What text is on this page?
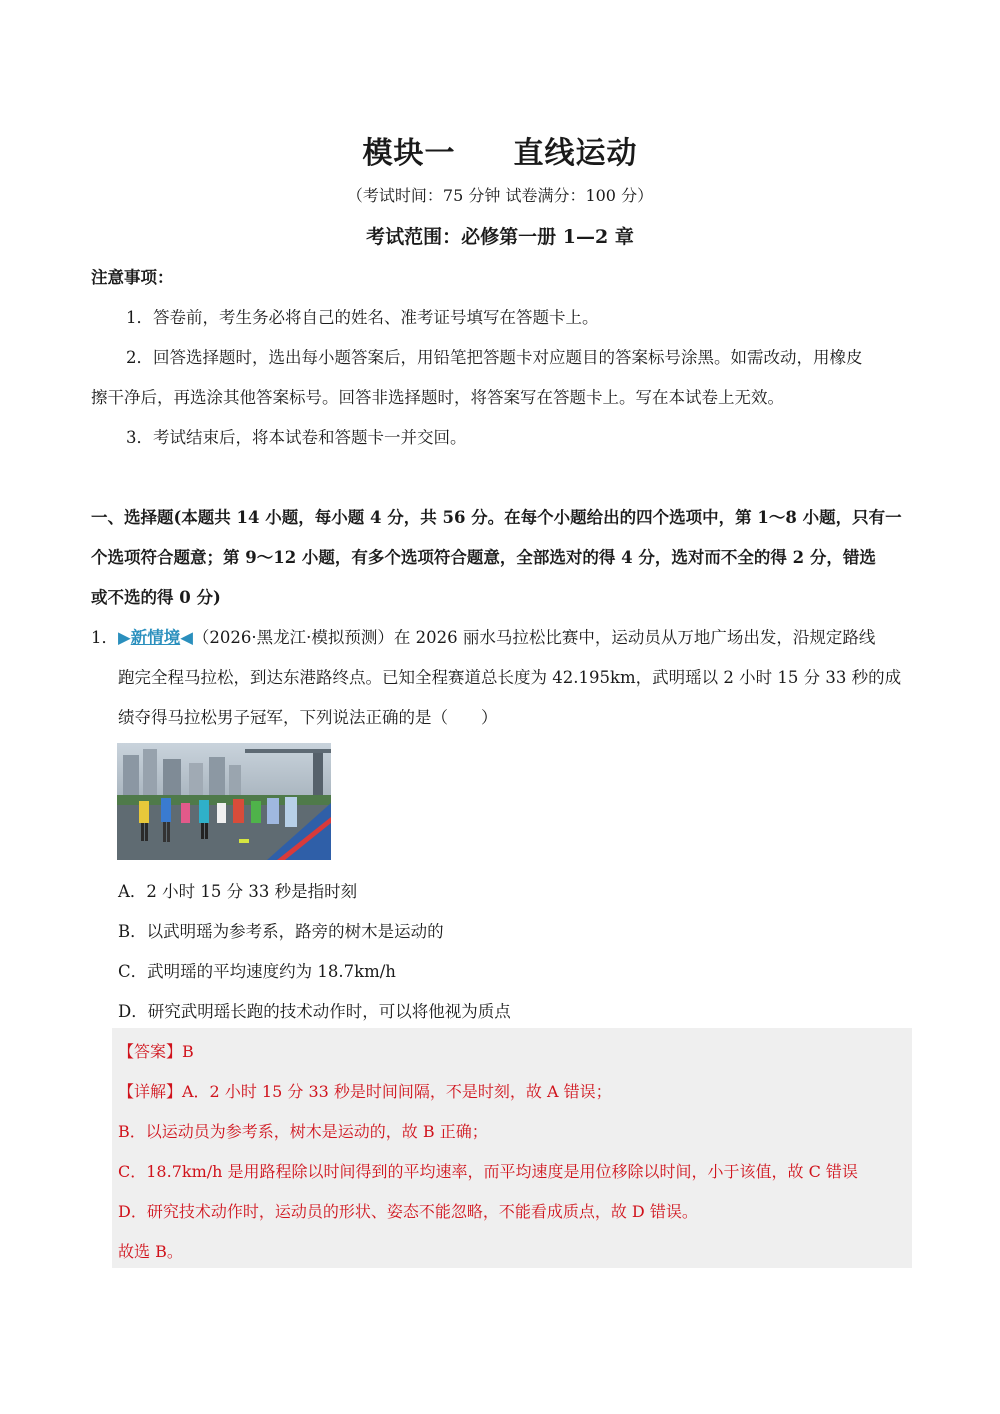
模块一 直线运动
（考试时间：75 分钟 试卷满分：100 分）
考试范围：必修第一册 1—2 章
注意事项：
1．答卷前，考生务必将自己的姓名、准考证号填写在答题卡上。
2．回答选择题时，选出每小题答案后，用铅笔把答题卡对应题目的答案标号涂黑。如需改动，用橡皮
擦干净后，再选涂其他答案标号。回答非选择题时，将答案写在答题卡上。写在本试卷上无效。
3．考试结束后，将本试卷和答题卡一并交回。
一、选择题(本题共 14 小题，每小题 4 分，共 56 分。在每个小题给出的四个选项中，第 1～8 小题，只有一
个选项符合题意；第 9～12 小题，有多个选项符合题意，全部选对的得 4 分，选对而不全的得 2 分，错选
或不选的得 0 分)
1．▶新情境◀（2026·黑龙江·模拟预测）在 2026 丽水马拉松比赛中，运动员从万地广场出发，沿规定路线
跑完全程马拉松，到达东港路终点。已知全程赛道总长度为 42.195km，武明瑶以 2 小时 15 分 33 秒的成
绩夺得马拉松男子冠军，下列说法正确的是（　　）
A．2 小时 15 分 33 秒是指时刻
B．以武明瑶为参考系，路旁的树木是运动的
C．武明瑶的平均速度约为 18.7km/h
D．研究武明瑶长跑的技术动作时，可以将他视为质点
【答案】B
【详解】A．2 小时 15 分 33 秒是时间间隔，不是时刻，故 A 错误；
B．以运动员为参考系，树木是运动的，故 B 正确；
C．18.7km/h 是用路程除以时间得到的平均速率，而平均速度是用位移除以时间，小于该值，故 C 错误
D．研究技术动作时，运动员的形状、姿态不能忽略，不能看成质点，故 D 错误。
故选 B。
